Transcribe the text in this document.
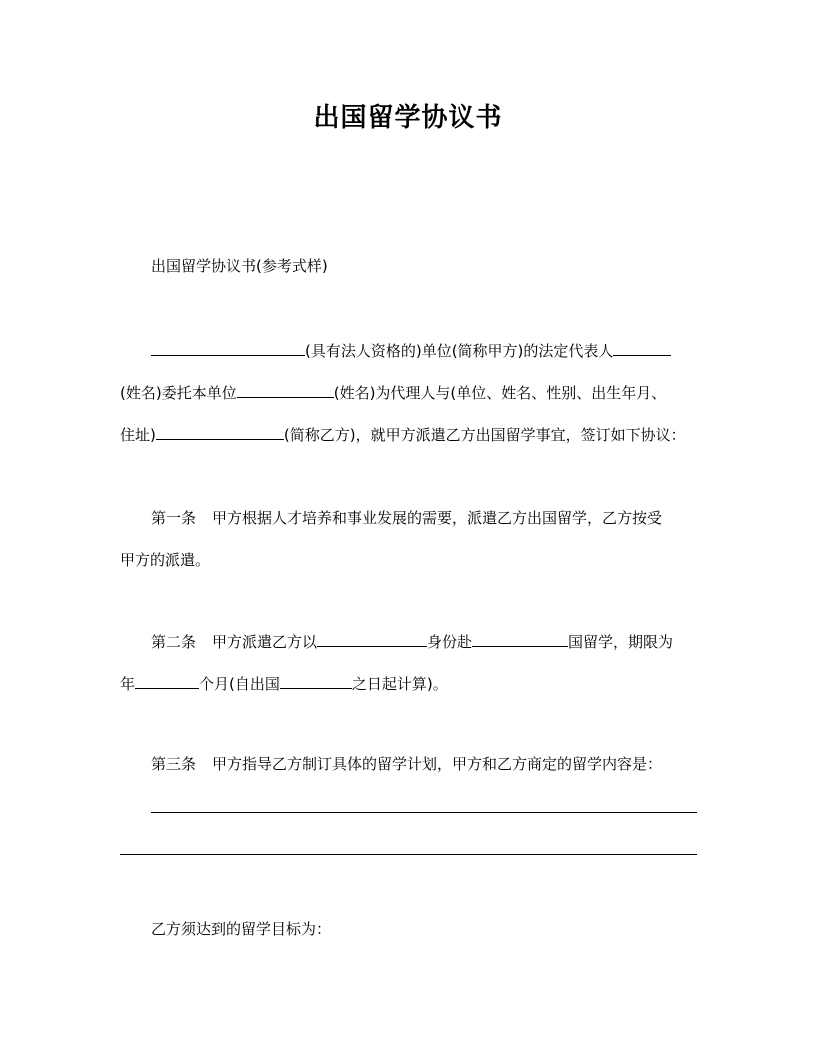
出国留学协议书
出国留学协议书(参考式样)
(具有法人资格的)单位(简称甲方)的法定代表人
(姓名)委托本单位	(姓名)为代理人与(单位、姓名、性别、出生年月、
住址)	(简称乙方)，就甲方派遣乙方出国留学事宜，签订如下协议：
第一条 甲方根据人才培养和事业发展的需要，派遣乙方出国留学，乙方按受
甲方的派遣。
第二条 甲方派遣乙方以	身份赴	国留学，期限为
年	个月(自出国	之日起计算)。
第三条 甲方指导乙方制订具体的留学计划，甲方和乙方商定的留学内容是：
乙方须达到的留学目标为：
